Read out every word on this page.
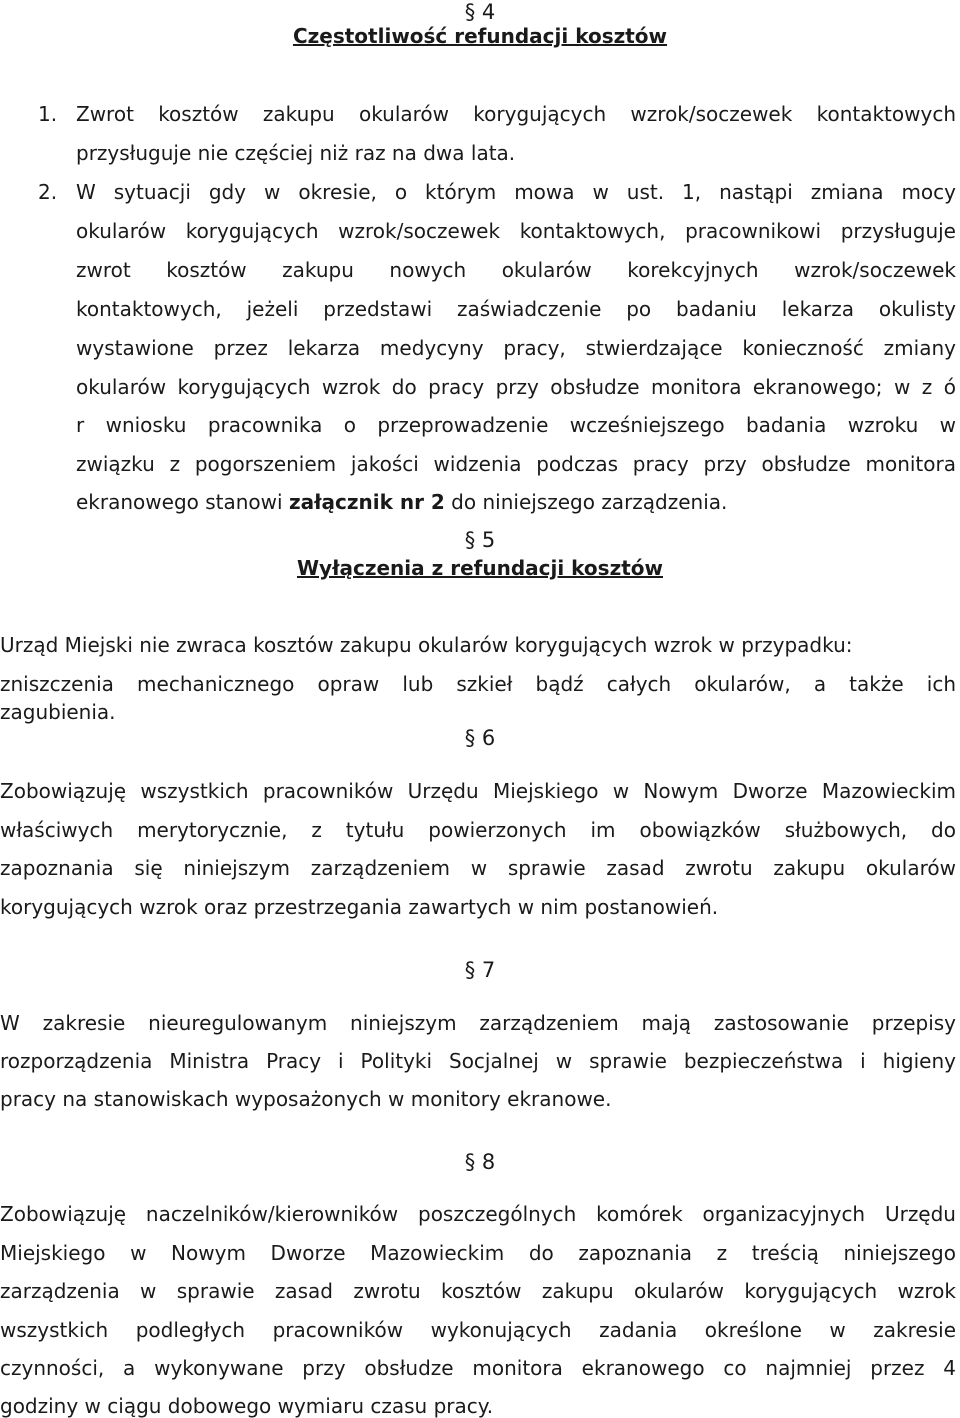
§ 4
Częstotliwość refundacji kosztów
1. Zwrot kosztów zakupu okularów korygujących wzrok/soczewek kontaktowych
przysługuje nie częściej niż raz na dwa lata.
2. W sytuacji gdy w okresie, o którym mowa w ust. 1, nastąpi zmiana mocy
okularów korygujących wzrok/soczewek kontaktowych, pracownikowi przysługuje
zwrot kosztów zakupu nowych okularów korekcyjnych wzrok/soczewek
kontaktowych, jeżeli przedstawi zaświadczenie po badaniu lekarza okulisty
wystawione przez lekarza medycyny pracy, stwierdzające konieczność zmiany
okularów korygujących wzrok do pracy przy obsłudze monitora ekranowego; w z ó
r wniosku pracownika o przeprowadzenie wcześniejszego badania wzroku w
związku z pogorszeniem jakości widzenia podczas pracy przy obsłudze monitora
ekranowego stanowi załącznik nr 2 do niniejszego zarządzenia.
§ 5
Wyłączenia z refundacji kosztów
Urząd Miejski nie zwraca kosztów zakupu okularów korygujących wzrok w przypadku:
zniszczenia mechanicznego opraw lub szkieł bądź całych okularów, a także ich
zagubienia.
§ 6
Zobowiązuję wszystkich pracowników Urzędu Miejskiego w Nowym Dworze Mazowieckim
właściwych merytorycznie, z tytułu powierzonych im obowiązków służbowych, do
zapoznania się niniejszym zarządzeniem w sprawie zasad zwrotu zakupu okularów
korygujących wzrok oraz przestrzegania zawartych w nim postanowień.
§ 7
W zakresie nieuregulowanym niniejszym zarządzeniem mają zastosowanie przepisy
rozporządzenia Ministra Pracy i Polityki Socjalnej w sprawie bezpieczeństwa i higieny
pracy na stanowiskach wyposażonych w monitory ekranowe.
§ 8
Zobowiązuję naczelników/kierowników poszczególnych komórek organizacyjnych Urzędu
Miejskiego w Nowym Dworze Mazowieckim do zapoznania z treścią niniejszego
zarządzenia w sprawie zasad zwrotu kosztów zakupu okularów korygujących wzrok
wszystkich podległych pracowników wykonujących zadania określone w zakresie
czynności, a wykonywane przy obsłudze monitora ekranowego co najmniej przez 4
godziny w ciągu dobowego wymiaru czasu pracy.
